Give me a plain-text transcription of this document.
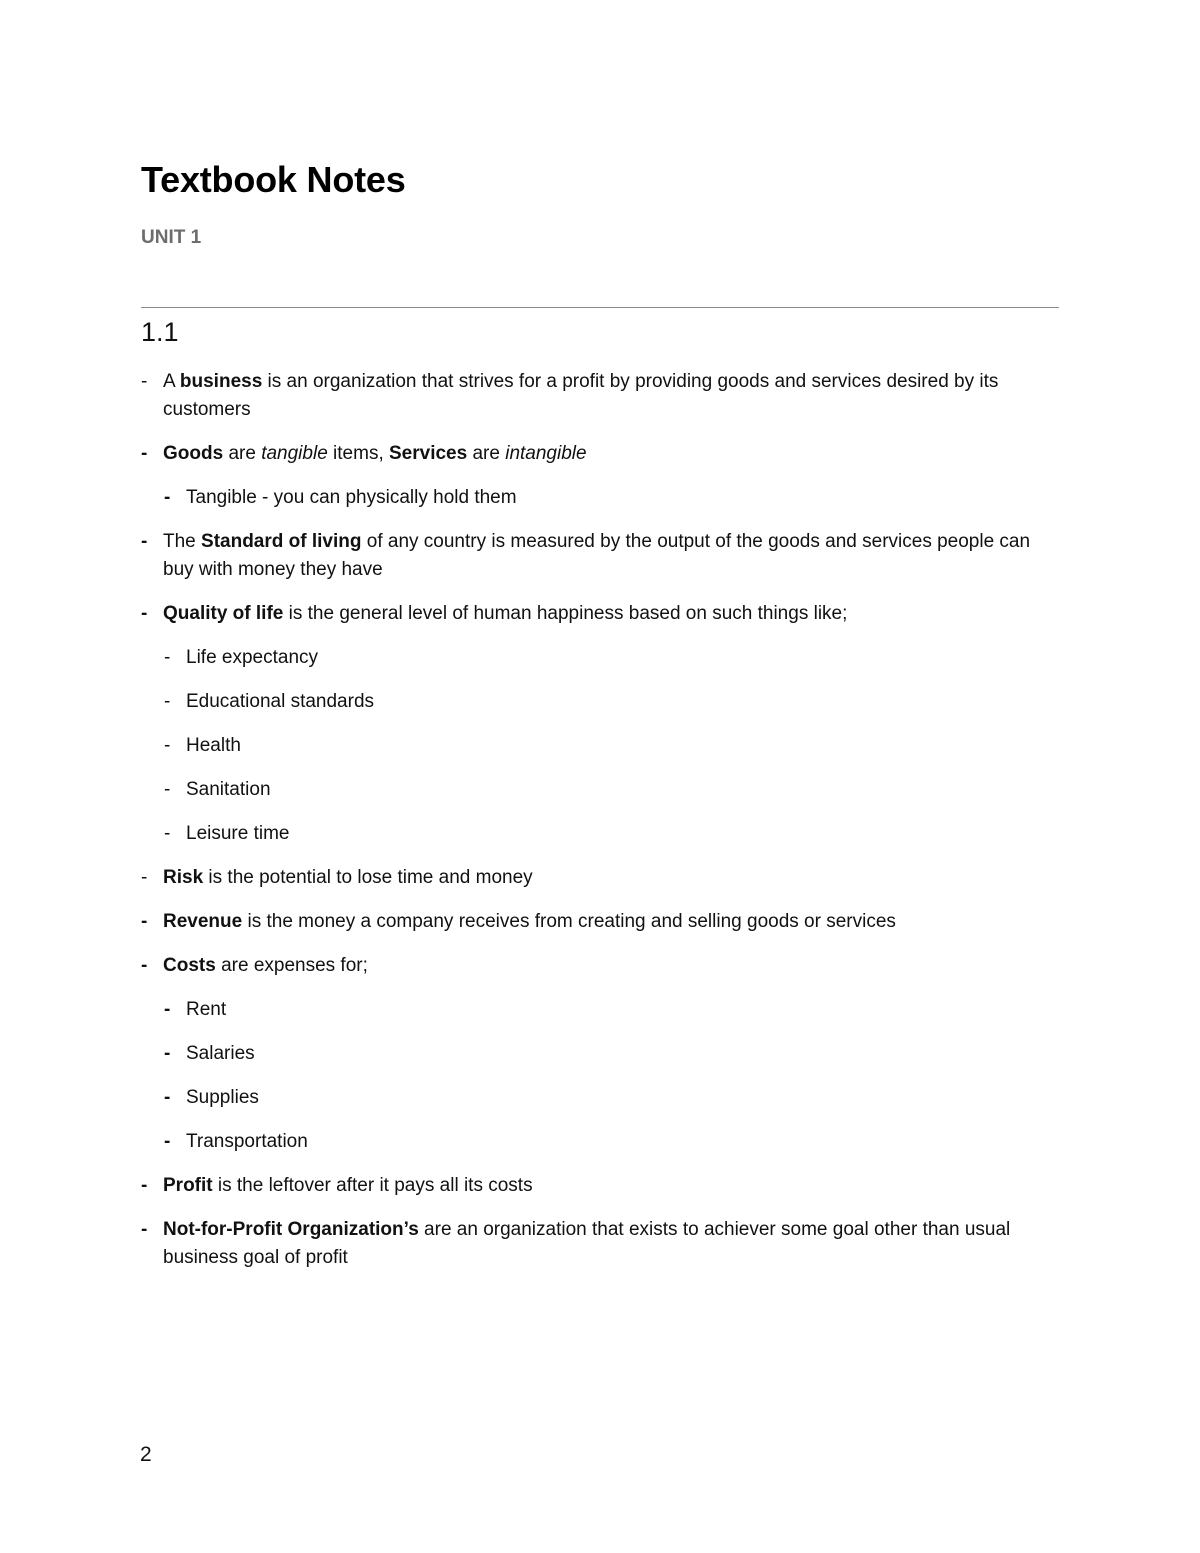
Textbook Notes
UNIT 1
1.1
- A business is an organization that strives for a profit by providing goods and services desired by its customers
- Goods are tangible items, Services are intangible
- Tangible - you can physically hold them
- The Standard of living of any country is measured by the output of the goods and services people can buy with money they have
- Quality of life is the general level of human happiness based on such things like;
- Life expectancy
- Educational standards
- Health
- Sanitation
- Leisure time
- Risk is the potential to lose time and money
- Revenue is the money a company receives from creating and selling goods or services
- Costs are expenses for;
- Rent
- Salaries
- Supplies
- Transportation
- Profit is the leftover after it pays all its costs
- Not-for-Profit Organization’s are an organization that exists to achiever some goal other than usual business goal of profit
2
